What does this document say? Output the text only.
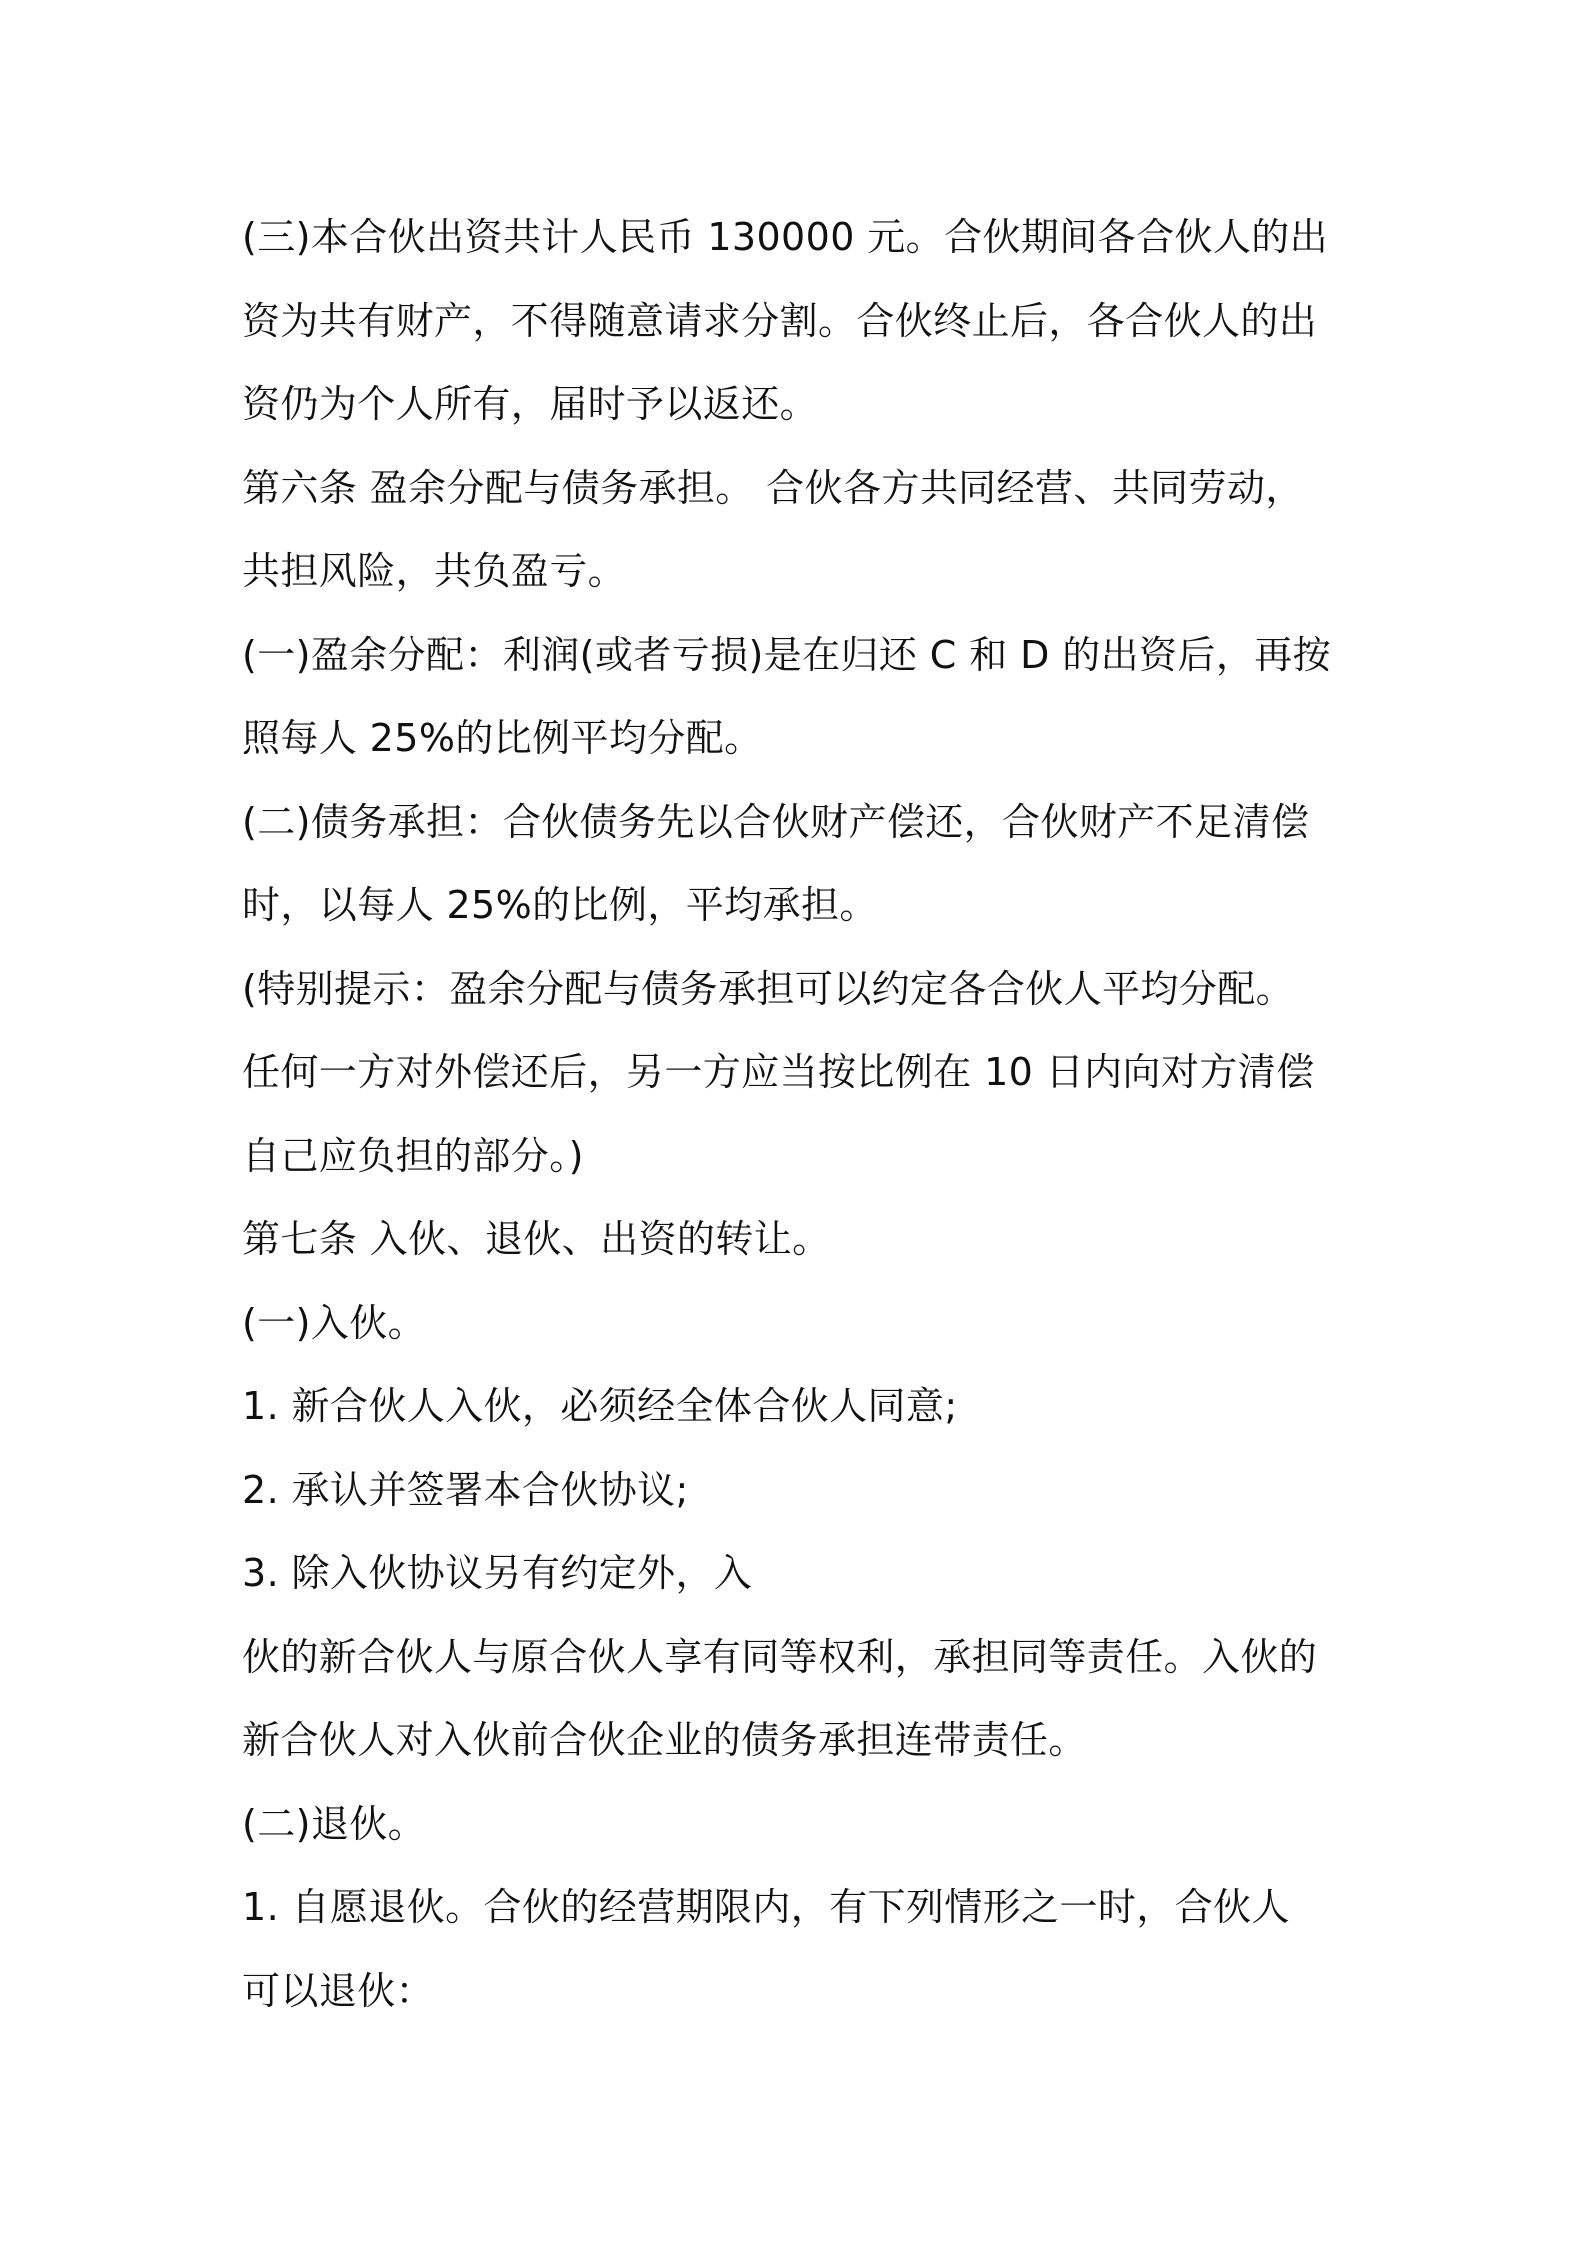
(三)本合伙出资共计人民币 130000 元。合伙期间各合伙人的出

资为共有财产，不得随意请求分割。合伙终止后，各合伙人的出

资仍为个人所有，届时予以返还。

第六条 盈余分配与债务承担。 合伙各方共同经营、共同劳动，

共担风险，共负盈亏。

(一)盈余分配：利润(或者亏损)是在归还 C 和 D 的出资后，再按

照每人 25%的比例平均分配。

(二)债务承担：合伙债务先以合伙财产偿还，合伙财产不足清偿

时，以每人 25%的比例，平均承担。

(特别提示：盈余分配与债务承担可以约定各合伙人平均分配。

任何一方对外偿还后，另一方应当按比例在 10 日内向对方清偿

自己应负担的部分。)

第七条 入伙、退伙、出资的转让。

(一)入伙。

1. 新合伙人入伙，必须经全体合伙人同意;

2. 承认并签署本合伙协议;

3. 除入伙协议另有约定外，入

伙的新合伙人与原合伙人享有同等权利，承担同等责任。入伙的

新合伙人对入伙前合伙企业的债务承担连带责任。

(二)退伙。

1. 自愿退伙。合伙的经营期限内，有下列情形之一时，合伙人

可以退伙：
